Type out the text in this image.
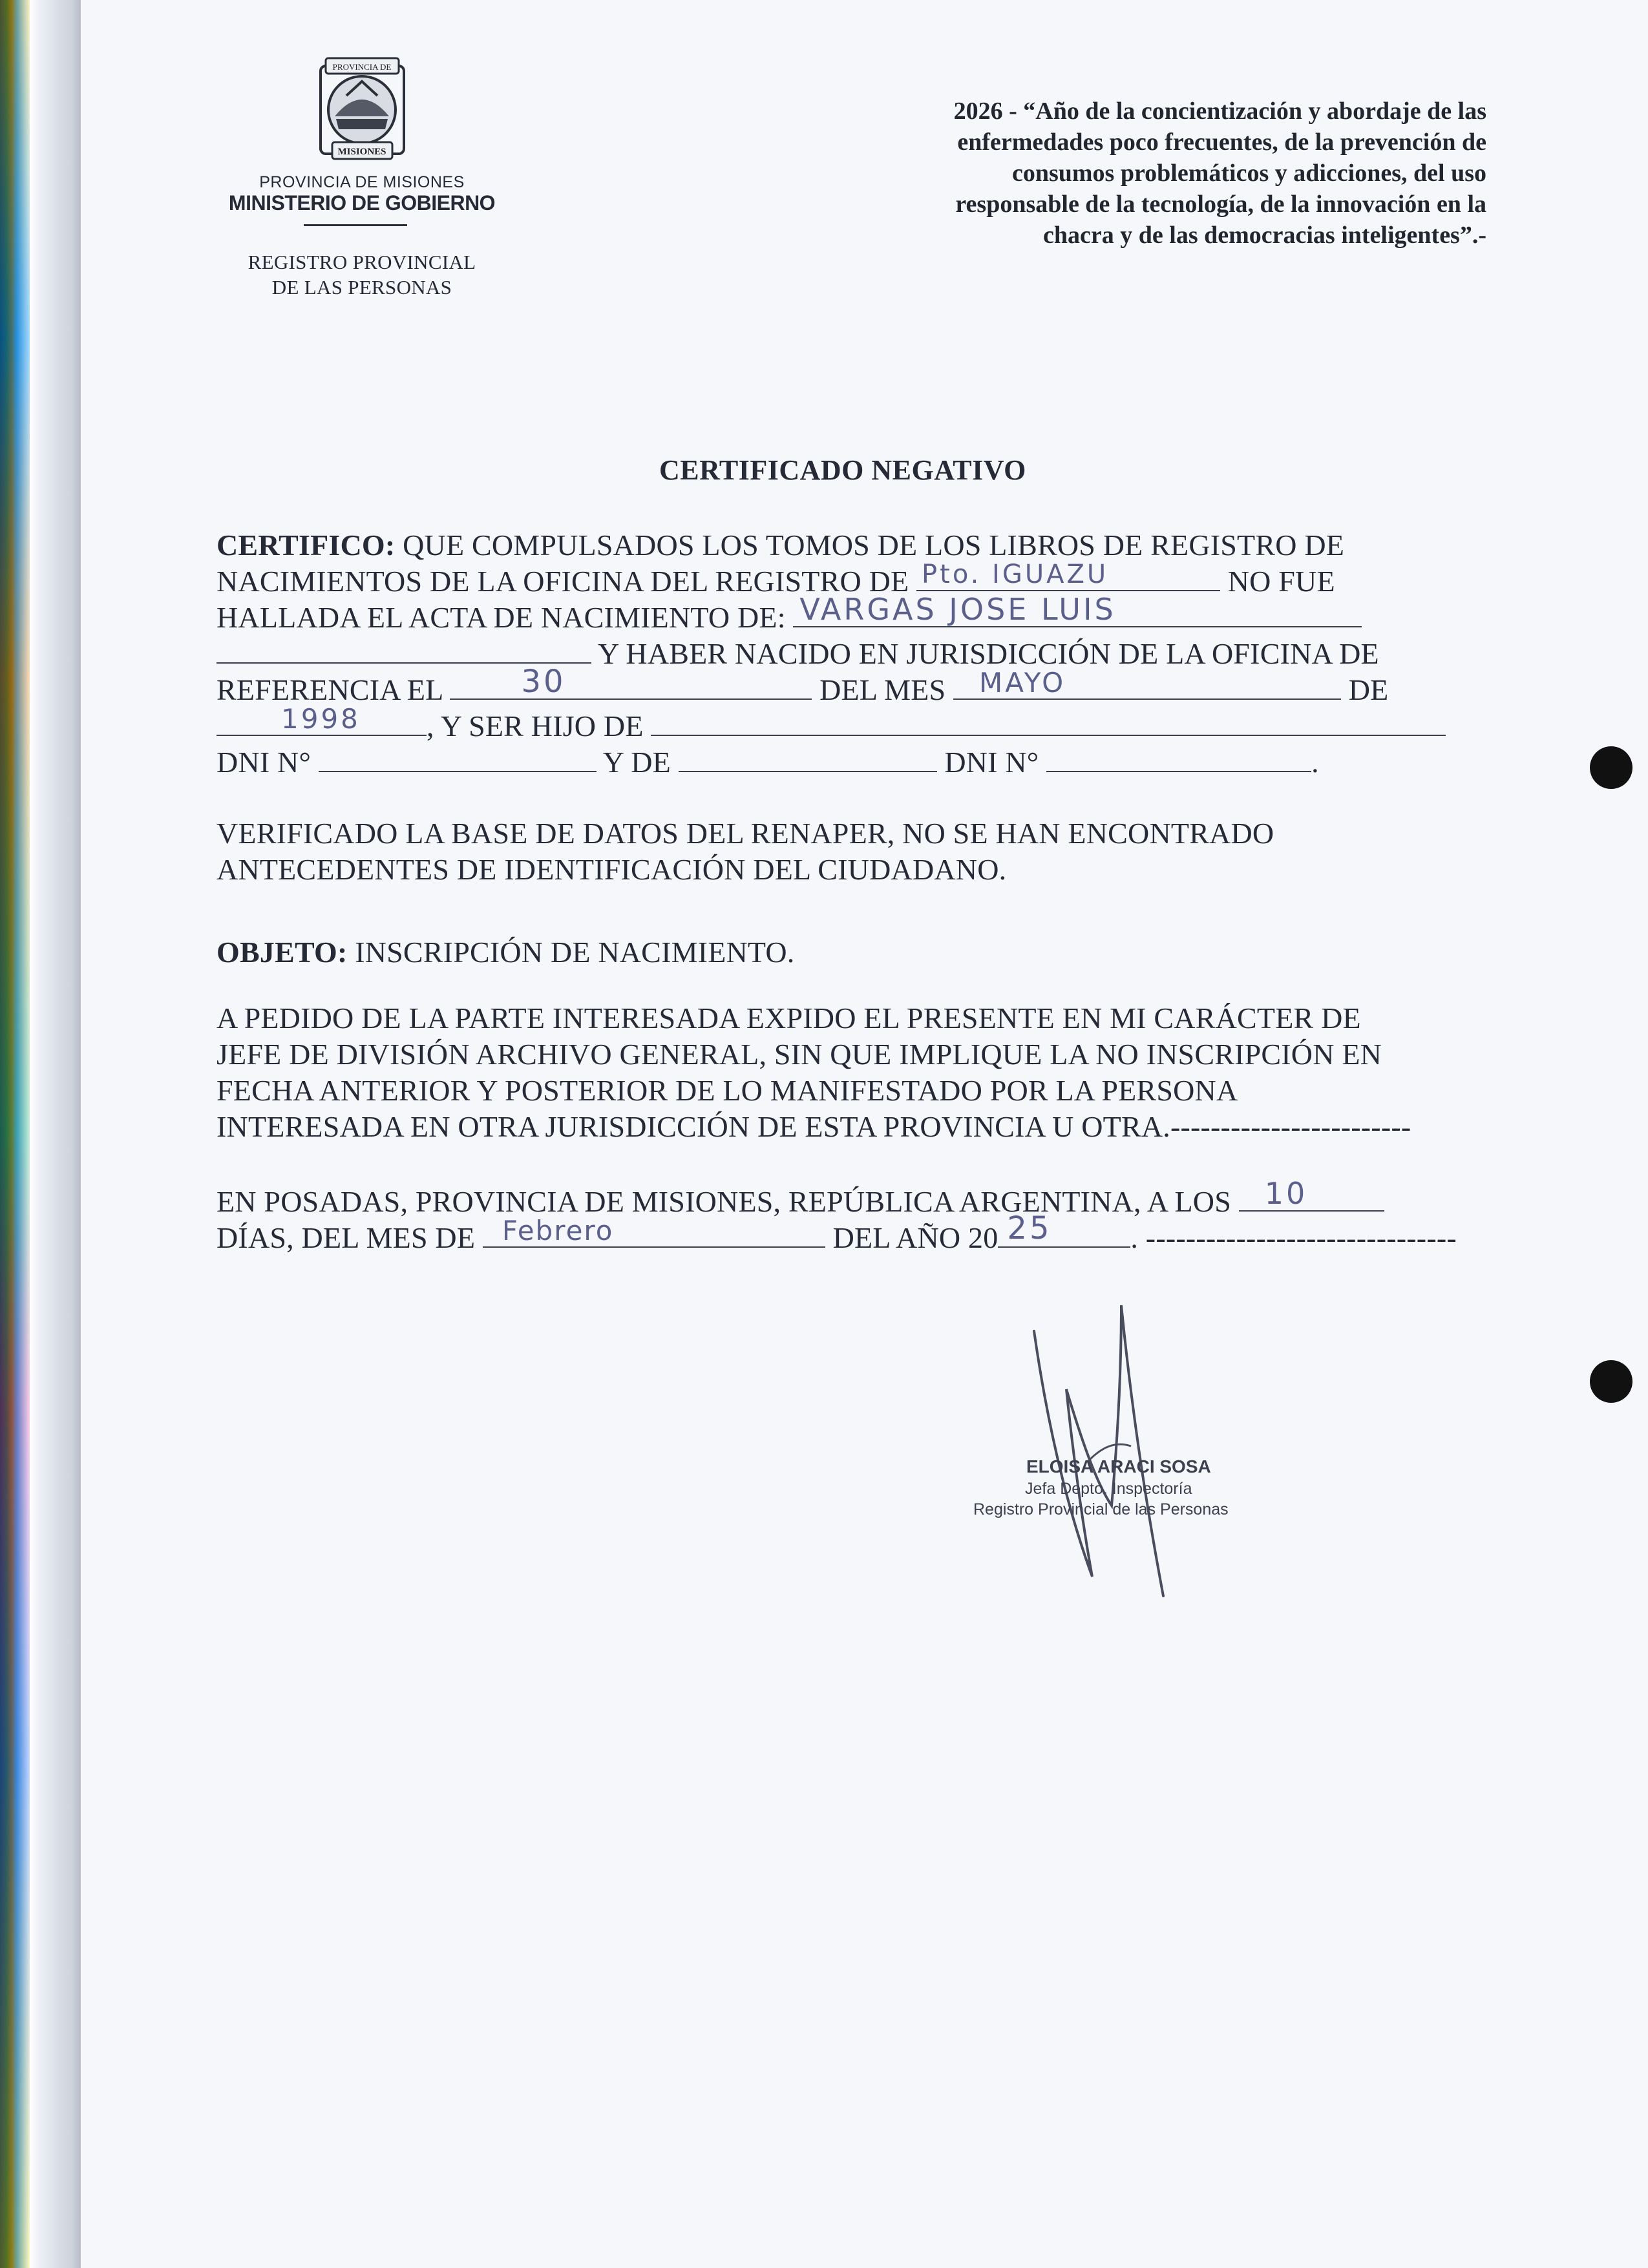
PROVINCIA DE
MISIONES
PROVINCIA DE MISIONES
MINISTERIO DE GOBIERNO
REGISTRO PROVINCIAL
DE LAS PERSONAS
2026 - “Año de la concientización y abordaje de las
enfermedades poco frecuentes, de la prevención de
consumos problemáticos y adicciones, del uso
responsable de la tecnología, de la innovación en la
chacra y de las democracias inteligentes”.-
CERTIFICADO NEGATIVO
CERTIFICO: QUE COMPULSADOS LOS TOMOS DE LOS LIBROS DE REGISTRO DE
NACIMIENTOS DE LA OFICINA DEL REGISTRO DE Pto. IGUAZU	NO FUE
HALLADA EL ACTA DE NACIMIENTO DE: VARGAS JOSE LUIS
Y HABER NACIDO EN JURISDICCIÓN DE LA OFICINA DE
REFERENCIA EL	30	DEL MES MAYO	DE
1998 , Y SER HIJO DE
DNI N°	Y DE	DNI N°	.
VERIFICADO LA BASE DE DATOS DEL RENAPER, NO SE HAN ENCONTRADO
ANTECEDENTES DE IDENTIFICACIÓN DEL CIUDADANO.
OBJETO: INSCRIPCIÓN DE NACIMIENTO.
A PEDIDO DE LA PARTE INTERESADA EXPIDO EL PRESENTE EN MI CARÁCTER DE
JEFE DE DIVISIÓN ARCHIVO GENERAL, SIN QUE IMPLIQUE LA NO INSCRIPCIÓN EN
FECHA ANTERIOR Y POSTERIOR DE LO MANIFESTADO POR LA PERSONA
INTERESADA EN OTRA JURISDICCIÓN DE ESTA PROVINCIA U OTRA.------------------------
EN POSADAS, PROVINCIA DE MISIONES, REPÚBLICA ARGENTINA, A LOS 10
DÍAS, DEL MES DE Febrero	DEL AÑO 20 25	. -------------------------------
ELOISA ARACI SOSA
Jefa Depto. Inspectoría
Registro Provincial de las Personas
